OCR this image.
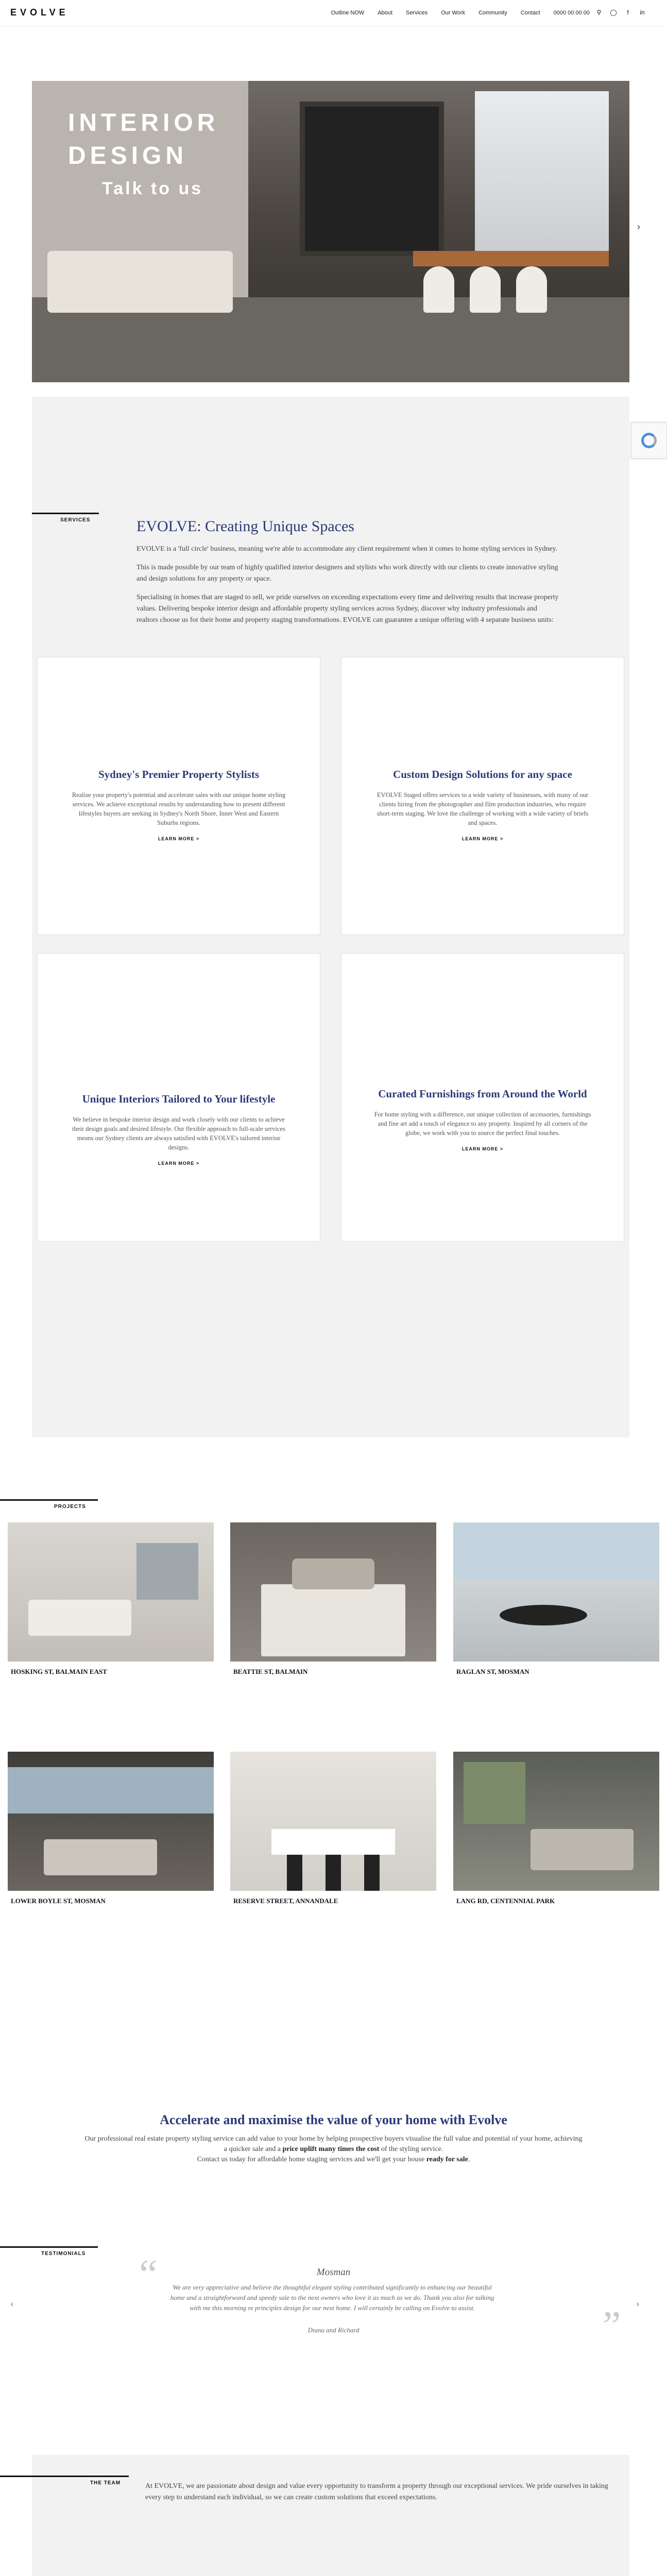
EVOLVE	Outline NOW About Services Our Work Community Contact 0000 00 00 00 ⚲	◯	f	in
INTERIOR
DESIGN
Talk to us
›
SERVICES	EVOLVE: Creating Unique Spaces

EVOLVE is a 'full circle' business, meaning we're able to accommodate any client requirement when it comes to home styling services in Sydney.

This is made possible by our team of highly qualified interior designers and stylists who work directly with our clients to create innovative styling and design solutions for any property or space.

Specialising in homes that are staged to sell, we pride ourselves on exceeding expectations every time and delivering results that increase property values. Delivering bespoke interior design and affordable property styling services across Sydney, discover why industry professionals and realtors choose us for their home and property staging transformations. EVOLVE can guarantee a unique offering with 4 separate business units:

Sydney's Premier Property Stylists

Realise your property's potential and accelerate sales with our unique home styling services. We achieve exceptional results by understanding how to present different lifestyles buyers are seeking in Sydney's North Shore, Inner West and Eastern Suburbs regions.

LEARN MORE >
Custom Design Solutions for any space

EVOLVE Staged offers services to a wide variety of businesses, with many of our clients hiring from the photographer and film production industries, who require short-term staging. We love the challenge of working with a wide variety of briefs and spaces.

LEARN MORE >
Unique Interiors Tailored to Your lifestyle

We believe in bespoke interior design and work closely with our clients to achieve their design goals and desired lifestyle. Our flexible approach to full-scale services means our Sydney clients are always satisfied with EVOLVE's tailored interior designs.

LEARN MORE >
Curated Furnishings from Around the World

For home styling with a difference, our unique collection of accessories, furnishings and fine art add a touch of elegance to any property. Inspired by all corners of the globe, we work with you to source the perfect final touches.

LEARN MORE >
PROJECTS
HOSKING ST, BALMAIN EAST	BEATTIE ST, BALMAIN	RAGLAN ST, MOSMAN
LOWER BOYLE ST, MOSMAN	RESERVE STREET, ANNANDALE	LANG RD, CENTENNIAL PARK
Accelerate and maximise the value of your home with Evolve

Our professional real estate property styling service can add value to your home by helping prospective buyers visualise the full value and potential of your home, achieving

a quicker sale and a price uplift many times the cost of the styling service.

Contact us today for affordable home staging services and we'll get your house ready for sale.

TESTIMONIALS “
”
Mosman
We are very appreciative and believe the thoughtful elegant styling contributed significantly to enhancing our beautiful home and a straightforward and speedy sale to the next owners who love it as much as we do. Thank you also for talking with me this morning re principles design for our next home. I will certainly be calling on Evolve to assist.
Diana and Richard
‹	›
THE TEAM	At EVOLVE, we are passionate about design and value every opportunity to transform a property through our exceptional services. We pride ourselves in taking every step to understand each individual, so we can create custom solutions that exceed expectations.
